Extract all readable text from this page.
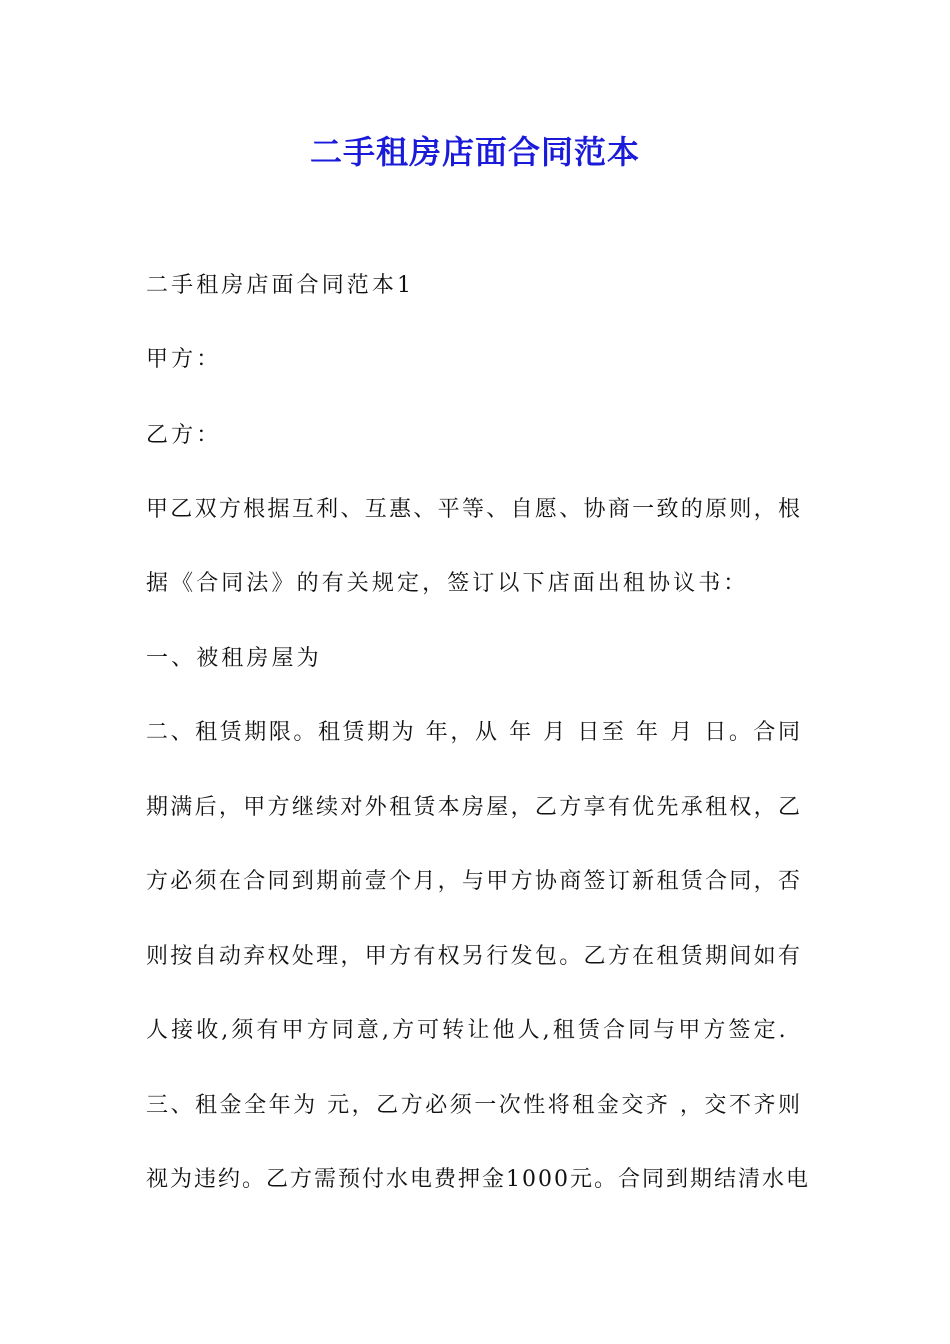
二手租房店面合同范本
二手租房店面合同范本1
甲方：
乙方：
甲乙双方根据互利、互惠、平等、自愿、协商一致的原则，根
据《合同法》的有关规定，签订以下店面出租协议书：
一、被租房屋为
二、租赁期限。租赁期为 年，从 年 月 日至 年 月 日。合同
期满后，甲方继续对外租赁本房屋，乙方享有优先承租权，乙
方必须在合同到期前壹个月，与甲方协商签订新租赁合同，否
则按自动弃权处理，甲方有权另行发包。乙方在租赁期间如有
人接收,须有甲方同意,方可转让他人,租赁合同与甲方签定.
三、租金全年为 元，乙方必须一次性将租金交齐 ，交不齐则
视为违约。乙方需预付水电费押金1000元。合同到期结清水电
